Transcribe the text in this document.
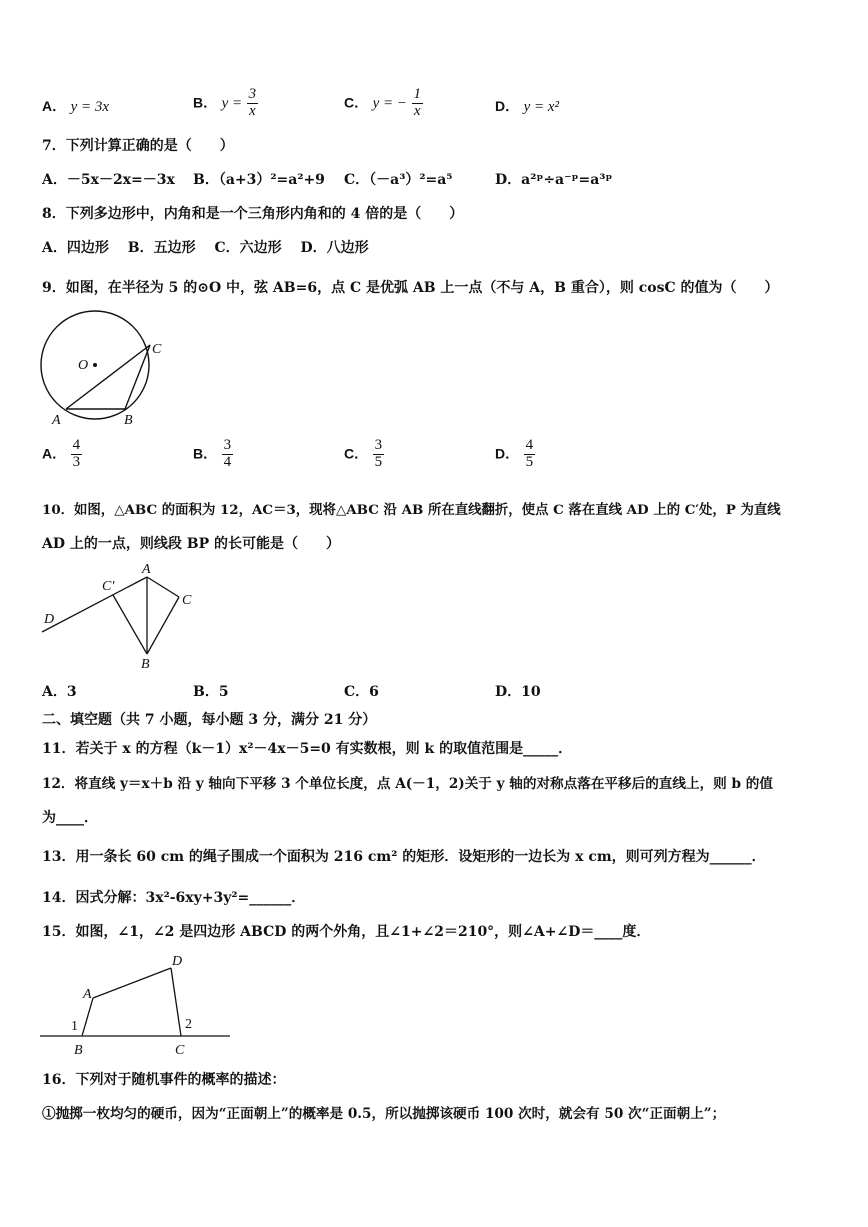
A． y = 3x	B． $y = \frac{3}{x}$	C． y = − $\frac{1}{x}$	D． y = x²
7．下列计算正确的是（　　）
A．－5x－2x=－3x B．（a+3）²=a²+9 C．（－a³）²=a⁵	D．a²ᵖ÷a⁻ᵖ=a³ᵖ
8．下列多边形中，内角和是一个三角形内角和的 4 倍的是（　　）
A．四边形　 B．五边形　 C．六边形　 D．八边形
9．如图，在半径为 5 的⊙O 中，弦 AB=6，点 C 是优弧 AB 上一点（不与 A，B 重合），则 cosC 的值为（　　）
O
C
A	B
A． $\frac{4}{3}$	B． $\frac{3}{4}$	C． $\frac{3}{5}$	D． $\frac{4}{5}$
10．如图，△ABC 的面积为 12，AC＝3，现将△ABC 沿 AB 所在直线翻折，使点 C 落在直线 AD 上的 C′处，P 为直线
AD 上的一点，则线段 BP 的长可能是（　　）
C′
A
C
D
B
A．3	B．5	C．6	D．10
二、填空题（共 7 小题，每小题 3 分，满分 21 分）
11．若关于 x 的方程（k－1）x²－4x－5=0 有实数根，则 k 的取值范围是_____．
12．将直线 y＝x＋b 沿 y 轴向下平移 3 个单位长度，点 A(－1，2)关于 y 轴的对称点落在平移后的直线上，则 b 的值
为____．
13．用一条长 60 cm 的绳子围成一个面积为 216 cm² 的矩形．设矩形的一边长为 x cm，则可列方程为______．
14．因式分解：3x²-6xy+3y²=______．
15．如图，∠1，∠2 是四边形 ABCD 的两个外角，且∠1+∠2＝210°，则∠A+∠D＝____度．
D
A
1	2
B	C
16．下列对于随机事件的概率的描述：
①抛掷一枚均匀的硬币，因为“正面朝上”的概率是 0.5，所以抛掷该硬币 100 次时，就会有 50 次“正面朝上”；
